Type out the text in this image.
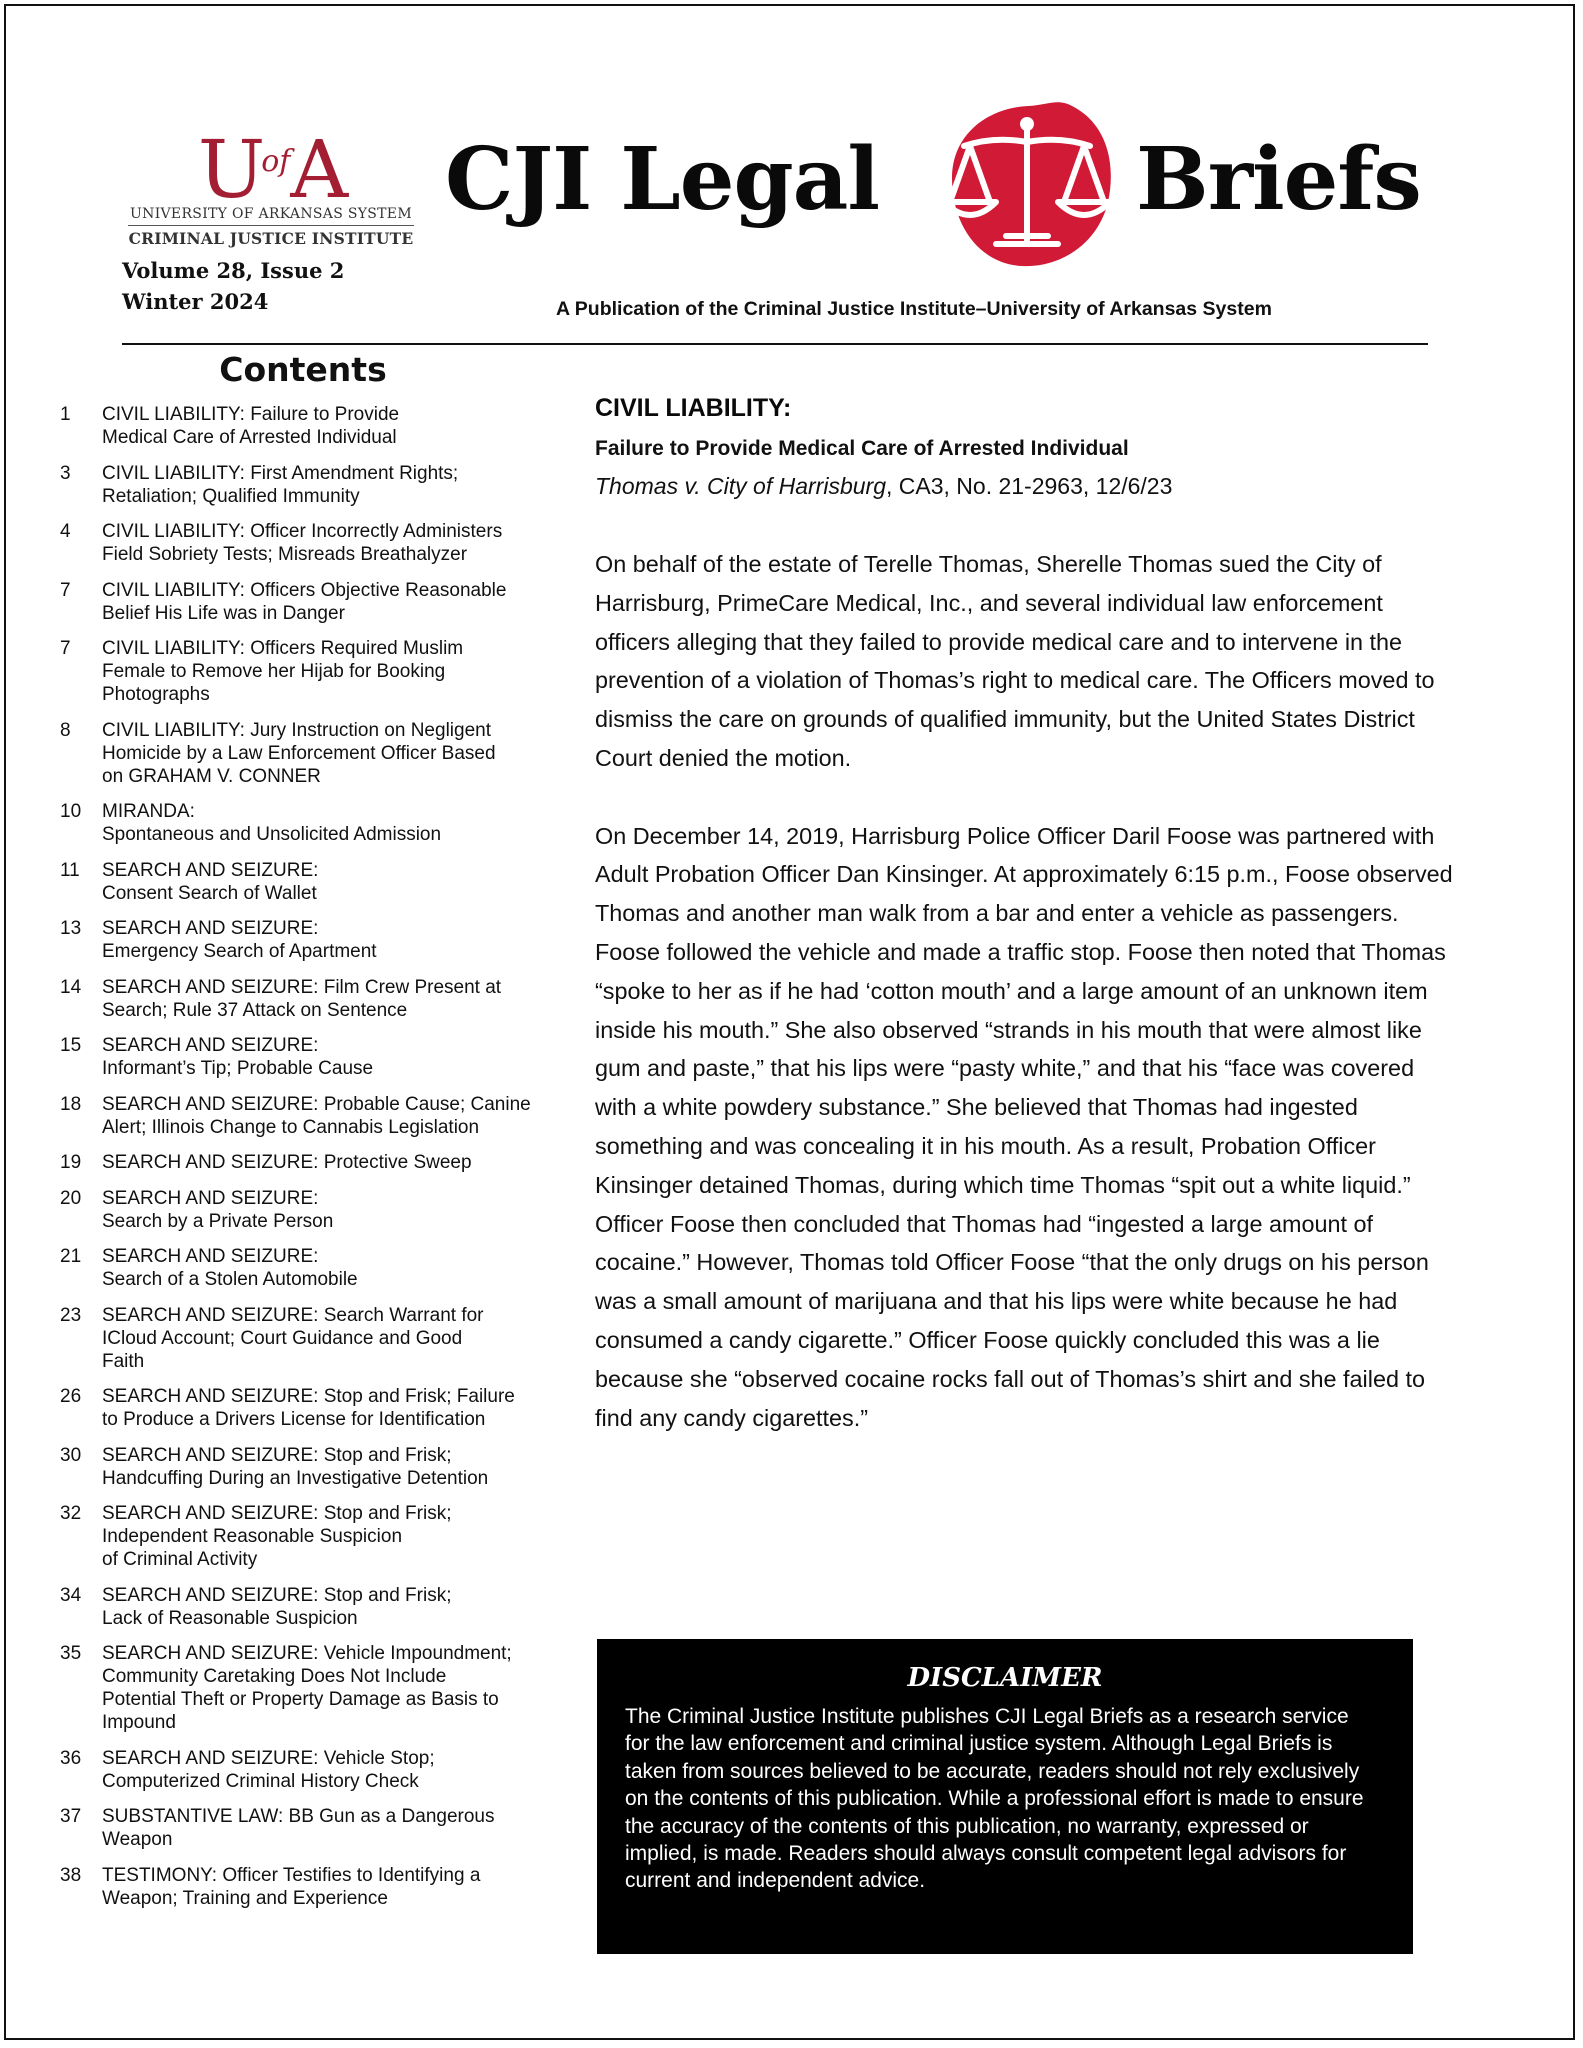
$U^{of}A$
UNIVERSITY OF ARKANSAS SYSTEM
CRIMINAL JUSTICE INSTITUTE
Volume 28, Issue 2
Winter 2024
CJI Legal	Briefs
A Publication of the Criminal Justice Institute–University of Arkansas System
Contents
1	CIVIL LIABILITY: Failure to Provide
Medical Care of Arrested Individual
3	CIVIL LIABILITY: First Amendment Rights;
Retaliation; Qualified Immunity
4	CIVIL LIABILITY: Officer Incorrectly Administers
Field Sobriety Tests; Misreads Breathalyzer
7	CIVIL LIABILITY: Officers Objective Reasonable
Belief His Life was in Danger
7	CIVIL LIABILITY: Officers Required Muslim
Female to Remove her Hijab for Booking
Photographs
8	CIVIL LIABILITY: Jury Instruction on Negligent
Homicide by a Law Enforcement Officer Based
on GRAHAM V. CONNER
10	MIRANDA:
Spontaneous and Unsolicited Admission
11	SEARCH AND SEIZURE:
Consent Search of Wallet
13	SEARCH AND SEIZURE:
Emergency Search of Apartment
14	SEARCH AND SEIZURE: Film Crew Present at
Search; Rule 37 Attack on Sentence
15	SEARCH AND SEIZURE:
Informant’s Tip; Probable Cause
18	SEARCH AND SEIZURE: Probable Cause; Canine
Alert; Illinois Change to Cannabis Legislation
19	SEARCH AND SEIZURE: Protective Sweep
20	SEARCH AND SEIZURE:
Search by a Private Person
21	SEARCH AND SEIZURE:
Search of a Stolen Automobile
23	SEARCH AND SEIZURE: Search Warrant for
ICloud Account; Court Guidance and Good
Faith
26	SEARCH AND SEIZURE: Stop and Frisk; Failure
to Produce a Drivers License for Identification
30	SEARCH AND SEIZURE: Stop and Frisk;
Handcuffing During an Investigative Detention
32	SEARCH AND SEIZURE: Stop and Frisk;
Independent Reasonable Suspicion
of Criminal Activity
34	SEARCH AND SEIZURE: Stop and Frisk;
Lack of Reasonable Suspicion
35	SEARCH AND SEIZURE: Vehicle Impoundment;
Community Caretaking Does Not Include
Potential Theft or Property Damage as Basis to
Impound
36	SEARCH AND SEIZURE: Vehicle Stop;
Computerized Criminal History Check
37	SUBSTANTIVE LAW: BB Gun as a Dangerous
Weapon
38	TESTIMONY: Officer Testifies to Identifying a
Weapon; Training and Experience
CIVIL LIABILITY:
Failure to Provide Medical Care of Arrested Individual
Thomas v. City of Harrisburg, CA3, No. 21-2963, 12/6/23

On behalf of the estate of Terelle Thomas, Sherelle Thomas sued the City of Harrisburg, PrimeCare Medical, Inc., and several individual law enforcement officers alleging that they failed to provide medical care and to intervene in the prevention of a violation of Thomas’s right to medical care. The Officers moved to dismiss the care on grounds of qualified immunity, but the United States District Court denied the motion.

On December 14, 2019, Harrisburg Police Officer Daril Foose was partnered with Adult Probation Officer Dan Kinsinger. At approximately 6:15 p.m., Foose observed Thomas and another man walk from a bar and enter a vehicle as passengers. Foose followed the vehicle and made a traffic stop. Foose then noted that Thomas “spoke to her as if he had ‘cotton mouth’ and a large amount of an unknown item inside his mouth.” She also observed “strands in his mouth that were almost like gum and paste,” that his lips were “pasty white,” and that his “face was covered with a white powdery substance.” She believed that Thomas had ingested something and was concealing it in his mouth. As a result, Probation Officer Kinsinger detained Thomas, during which time Thomas “spit out a white liquid.” Officer Foose then concluded that Thomas had “ingested a large amount of cocaine.” However, Thomas told Officer Foose “that the only drugs on his person was a small amount of marijuana and that his lips were white because he had consumed a candy cigarette.” Officer Foose quickly concluded this was a lie because she “observed cocaine rocks fall out of Thomas’s shirt and she failed to find any candy cigarettes.”

DISCLAIMER
The Criminal Justice Institute publishes CJI Legal Briefs as a research service for the law enforcement and criminal justice system. Although Legal Briefs is taken from sources believed to be accurate, readers should not rely exclusively on the contents of this publication. While a professional effort is made to ensure the accuracy of the contents of this publication, no warranty, expressed or implied, is made. Readers should always consult competent legal advisors for current and independent advice.
